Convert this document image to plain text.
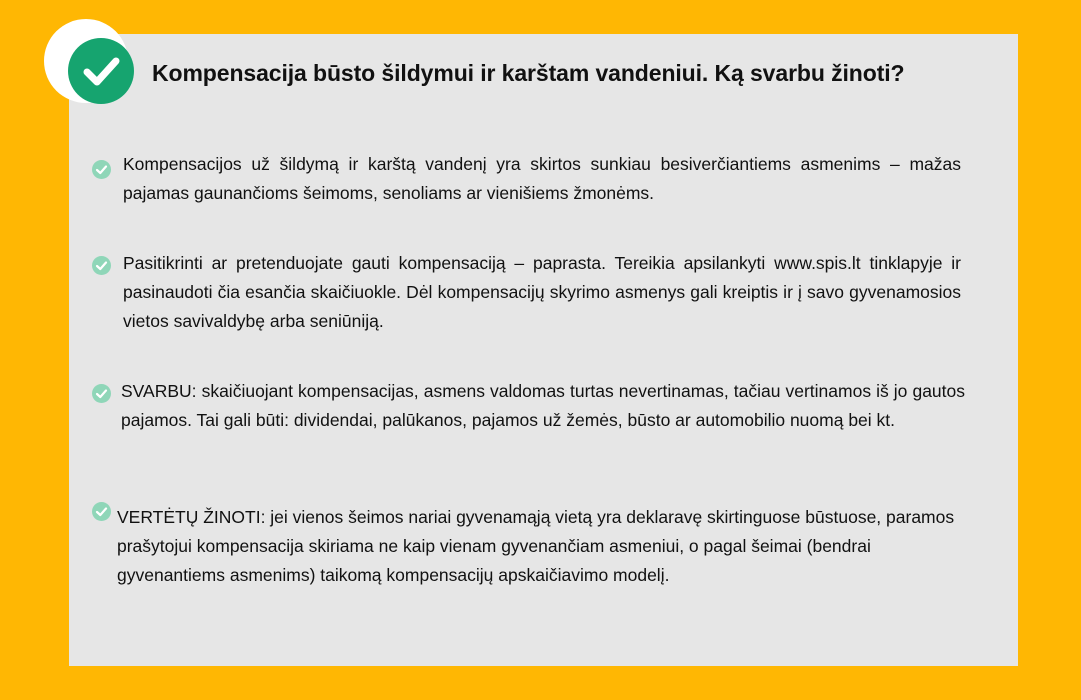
Kompensacija būsto šildymui ir karštam vandeniui. Ką svarbu žinoti?
Kompensacijos už šildymą ir karštą vandenį yra skirtos sunkiau besiverčiantiems asmenims – mažas pajamas gaunančioms šeimoms, senoliams ar vienišiems žmonėms.
Pasitikrinti ar pretenduojate gauti kompensaciją – paprasta. Tereikia apsilankyti www.spis.lt tinklapyje ir pasinaudoti čia esančia skaičiuokle. Dėl kompensacijų skyrimo asmenys gali kreiptis ir į savo gyvenamosios vietos savivaldybę arba seniūniją.
SVARBU: skaičiuojant kompensacijas, asmens valdomas turtas nevertinamas, tačiau vertinamos iš jo gautos pajamos. Tai gali būti: dividendai, palūkanos, pajamos už žemės, būsto ar automobilio nuomą bei kt.
VERTĖTŲ ŽINOTI: jei vienos šeimos nariai gyvenamąją vietą yra deklaravę skirtinguose būstuose, paramos prašytojui kompensacija skiriama ne kaip vienam gyvenančiam asmeniui, o pagal šeimai (bendrai gyvenantiems asmenims) taikomą kompensacijų apskaičiavimo modelį.
